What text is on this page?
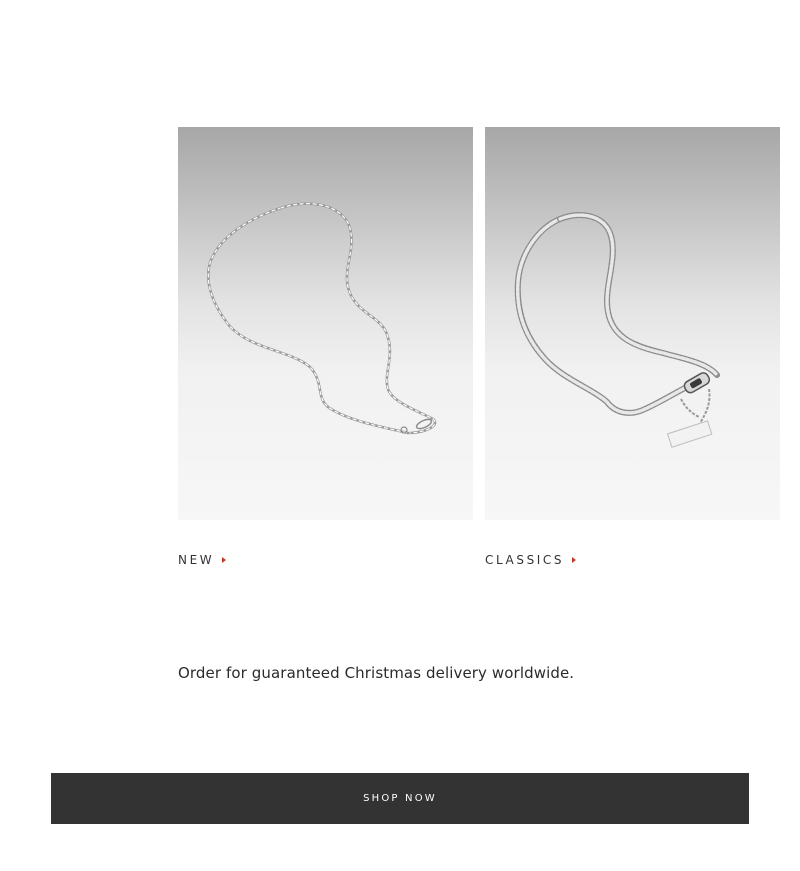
NEW	CLASSICS

Order for guaranteed Christmas delivery worldwide.

SHOP NOW
